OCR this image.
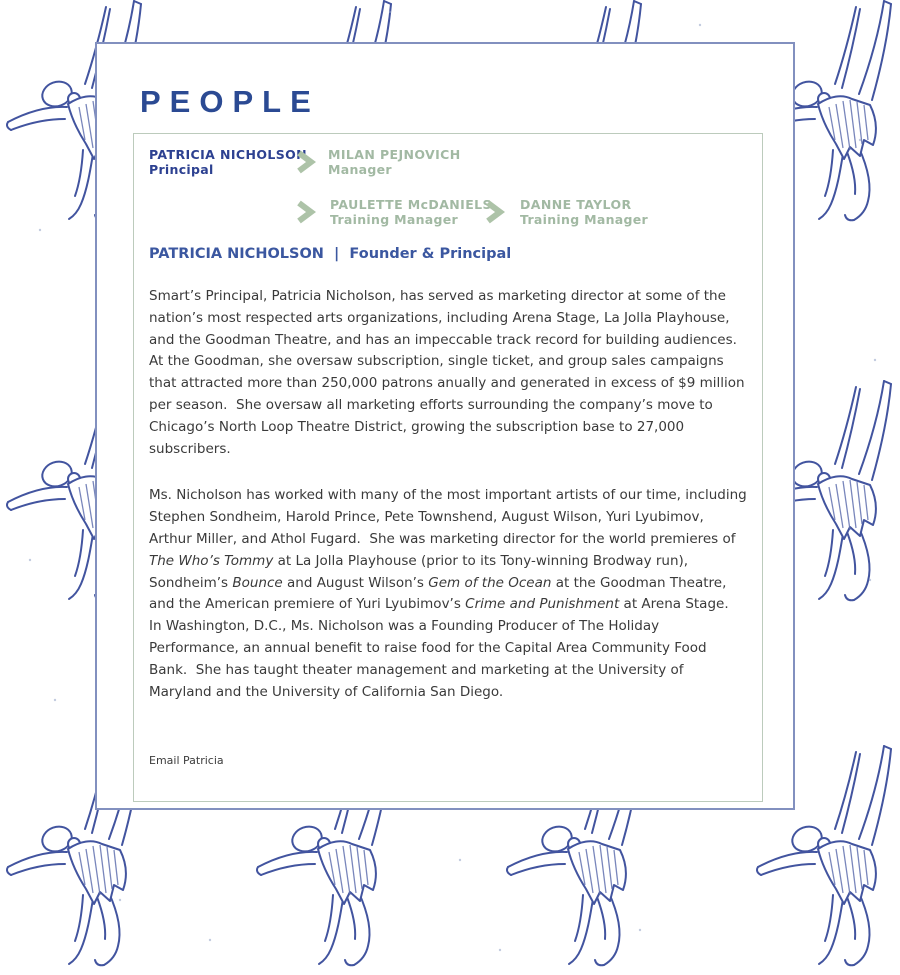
PEOPLE
PATRICIA NICHOLSON
Principal
MILAN PEJNOVICH
Manager
PAULETTE McDANIELS
Training Manager
DANNE TAYLOR
Training Manager
PATRICIA NICHOLSON  |  Founder & Principal

Smart’s Principal, Patricia Nicholson, has served as marketing director at some of the nation’s most respected arts organizations, including Arena Stage, La Jolla Playhouse, and the Goodman Theatre, and has an impeccable track record for building audiences.  At the Goodman, she oversaw subscription, single ticket, and group sales campaigns that attracted more than 250,000 patrons anually and generated in excess of $9 million per season.  She oversaw all marketing efforts surrounding the company’s move to Chicago’s North Loop Theatre District, growing the subscription base to 27,000 subscribers.

Ms. Nicholson has worked with many of the most important artists of our time, including Stephen Sondheim, Harold Prince, Pete Townshend, August Wilson, Yuri Lyubimov, Arthur Miller, and Athol Fugard.  She was marketing director for the world premieres of The Who’s Tommy at La Jolla Playhouse (prior to its Tony-winning Brodway run), Sondheim’s Bounce and August Wilson’s Gem of the Ocean at the Goodman Theatre, and the American premiere of Yuri Lyubimov’s Crime and Punishment at Arena Stage.  In Washington, D.C., Ms. Nicholson was a Founding Producer of The Holiday Performance, an annual benefit to raise food for the Capital Area Community Food Bank.  She has taught theater management and marketing at the University of Maryland and the University of California San Diego.

Email Patricia
